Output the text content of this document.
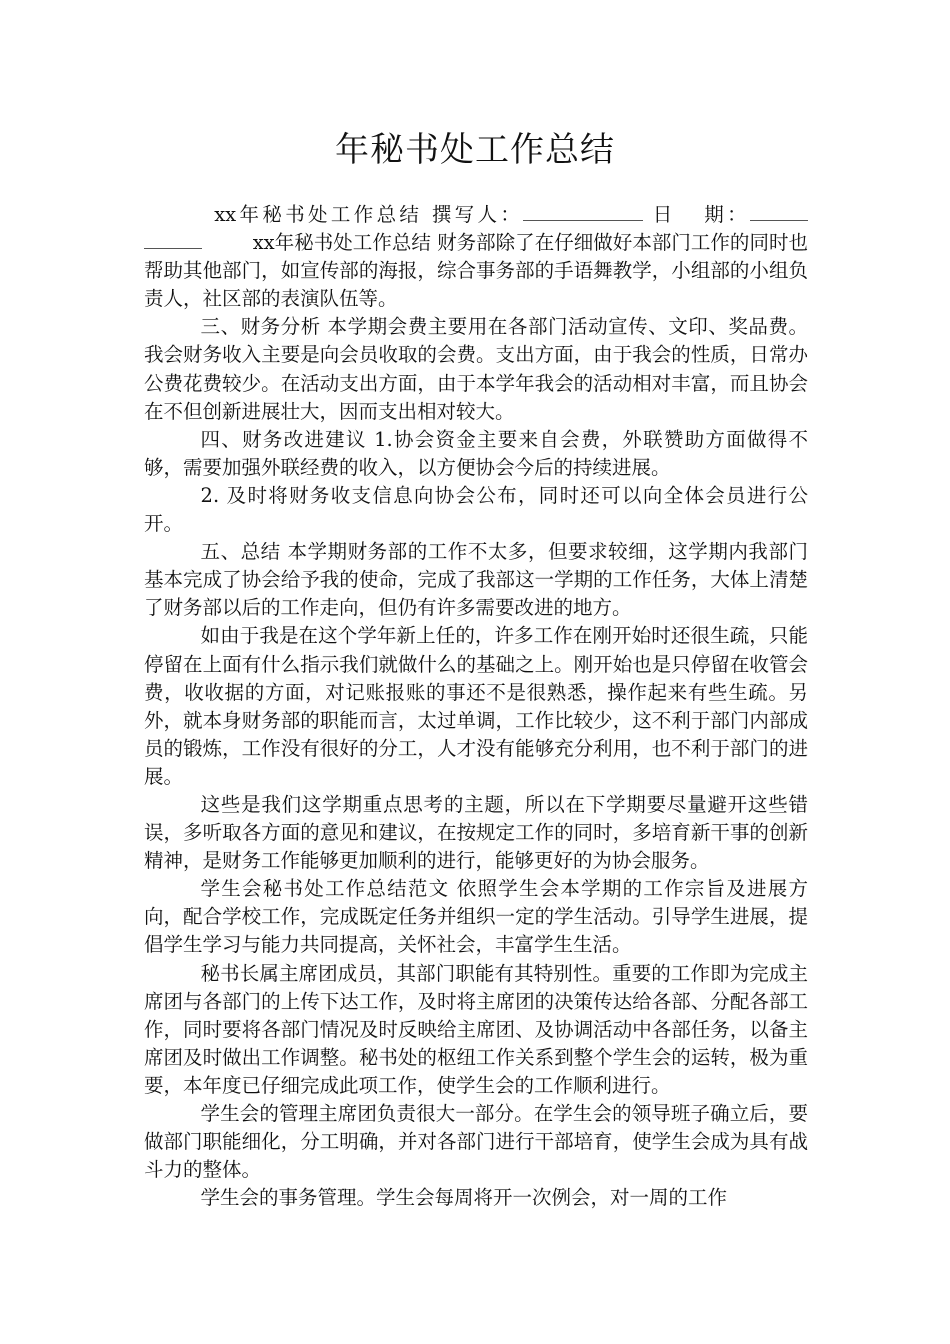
年秘书处工作总结

xx年秘书处工作总结 撰写人：	日 期： xx年秘书处工作总结 财务部除了在仔细做好本部门工作的同时也帮助其他部门，如宣传部的海报，综合事务部的手语舞教学，小组部的小组负责人，社区部的表演队伍等。

三、财务分析 本学期会费主要用在各部门活动宣传、文印、奖品费。我会财务收入主要是向会员收取的会费。支出方面，由于我会的性质，日常办公费花费较少。在活动支出方面，由于本学年我会的活动相对丰富，而且协会在不但创新进展壮大，因而支出相对较大。

四、财务改进建议 1.协会资金主要来自会费，外联赞助方面做得不够，需要加强外联经费的收入，以方便协会今后的持续进展。

2. 及时将财务收支信息向协会公布，同时还可以向全体会员进行公开。

五、总结 本学期财务部的工作不太多，但要求较细，这学期内我部门基本完成了协会给予我的使命，完成了我部这一学期的工作任务，大体上清楚了财务部以后的工作走向，但仍有许多需要改进的地方。

如由于我是在这个学年新上任的，许多工作在刚开始时还很生疏，只能停留在上面有什么指示我们就做什么的基础之上。刚开始也是只停留在收管会费，收收据的方面，对记账报账的事还不是很熟悉，操作起来有些生疏。另外，就本身财务部的职能而言，太过单调，工作比较少，这不利于部门内部成员的锻炼，工作没有很好的分工，人才没有能够充分利用，也不利于部门的进展。

这些是我们这学期重点思考的主题，所以在下学期要尽量避开这些错误，多听取各方面的意见和建议，在按规定工作的同时，多培育新干事的创新精神，是财务工作能够更加顺利的进行，能够更好的为协会服务。

学生会秘书处工作总结范文 依照学生会本学期的工作宗旨及进展方向，配合学校工作，完成既定任务并组织一定的学生活动。引导学生进展，提倡学生学习与能力共同提高，关怀社会，丰富学生生活。

秘书长属主席团成员，其部门职能有其特别性。重要的工作即为完成主席团与各部门的上传下达工作，及时将主席团的决策传达给各部、分配各部工作，同时要将各部门情况及时反映给主席团、及协调活动中各部任务，以备主席团及时做出工作调整。秘书处的枢纽工作关系到整个学生会的运转，极为重要，本年度已仔细完成此项工作，使学生会的工作顺利进行。

学生会的管理主席团负责很大一部分。在学生会的领导班子确立后，要做部门职能细化，分工明确，并对各部门进行干部培育，使学生会成为具有战斗力的整体。

学生会的事务管理。学生会每周将开一次例会，对一周的工作
